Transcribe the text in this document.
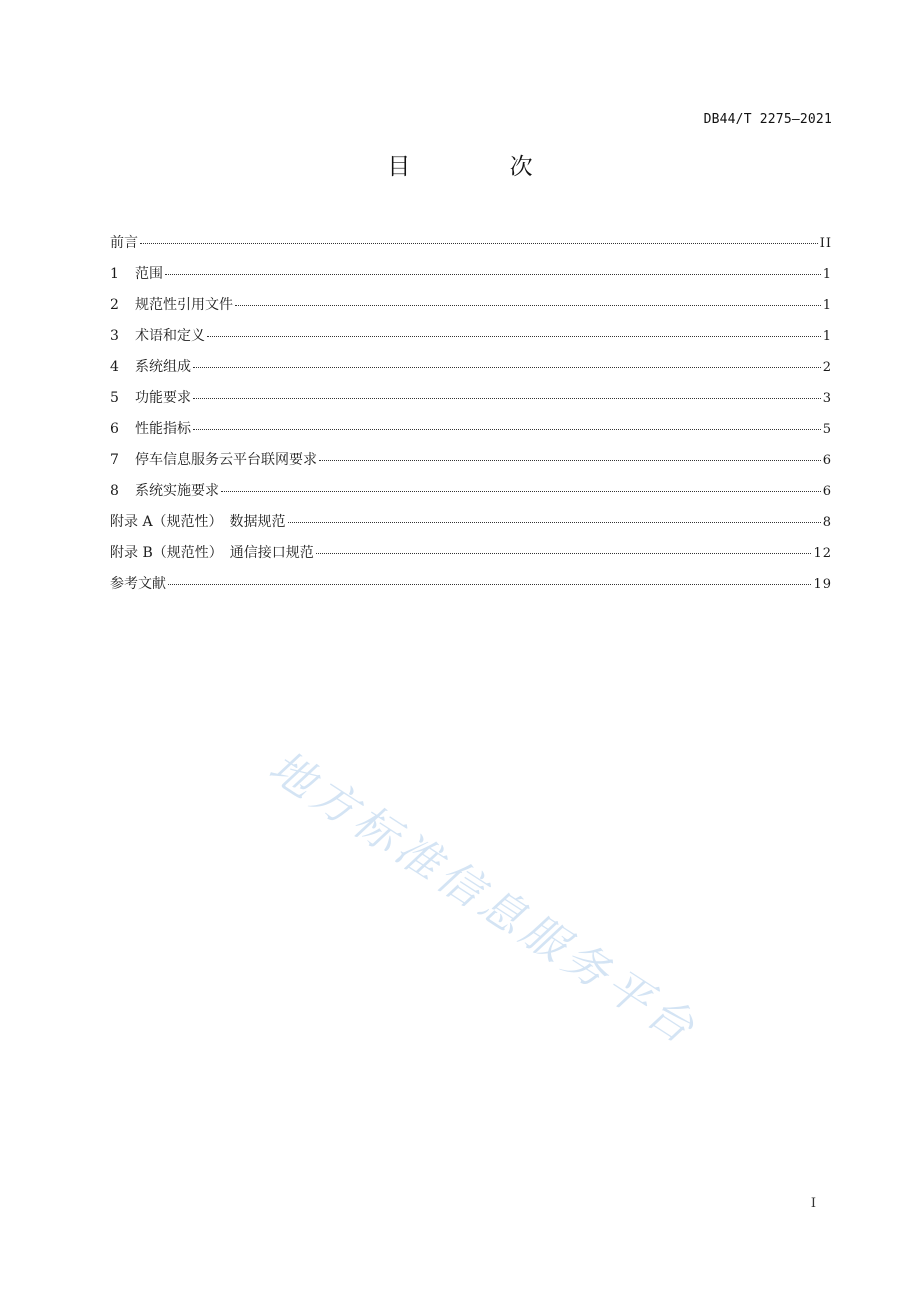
DB44/T 2275—2021
目 次
前言	II
1	范围	1
2	规范性引用文件	1
3	术语和定义	1
4	系统组成	2
5	功能要求	3
6	性能指标	5
7	停车信息服务云平台联网要求	6
8	系统实施要求	6
附录 A（规范性）　数据规范	8
附录 B（规范性）　通信接口规范	12
参考文献	19
地方标准信息服务平台
I
